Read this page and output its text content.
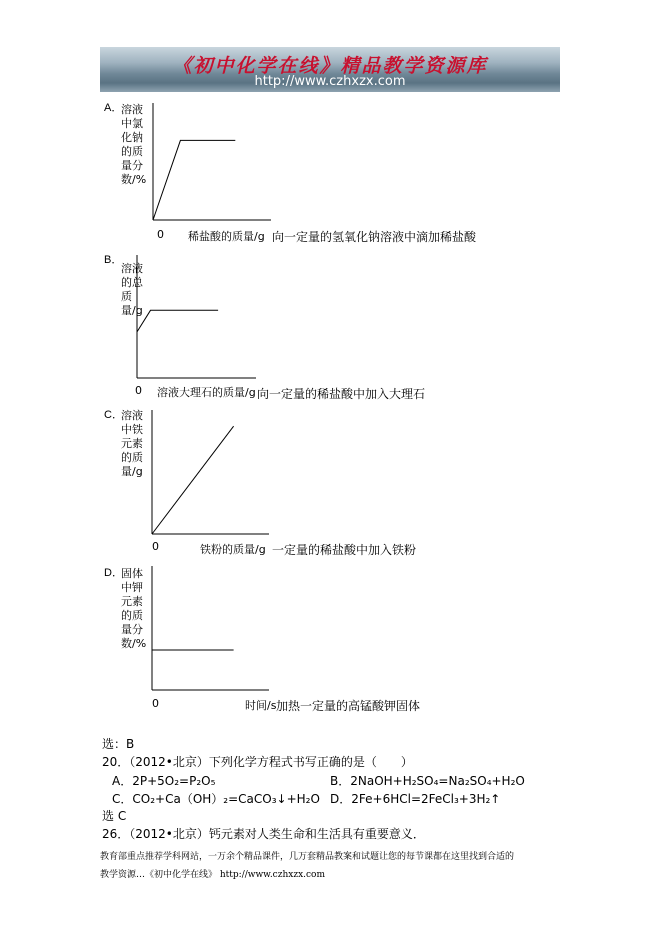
《初中化学在线》精品教学资源库
http://www.czhxzx.com
A．
溶液中氯化钠的质量分数/%
0 稀盐酸的质量/g 向一定量的氢氧化钠溶液中滴加稀盐酸
B．
溶液的总质量/g
0 溶液大理石的质量/g 向一定量的稀盐酸中加入大理石
C．
溶液中铁元素的质量/g
0	铁粉的质量/g 一定量的稀盐酸中加入铁粉
D．
固体中钾元素的质量分数/%
0	时间/s 加热一定量的高锰酸钾固体
选：B
20．（2012•北京）下列化学方程式书写正确的是（　　）
A．2P+5O₂=P₂O₅	B．2NaOH+H₂SO₄=Na₂SO₄+H₂O
C．CO₂+Ca（OH）₂=CaCO₃↓+H₂O D．2Fe+6HCl=2FeCl₃+3H₂↑
选 C
26．（2012•北京）钙元素对人类生命和生活具有重要意义．
教育部重点推荐学科网站，一万余个精品课件，几万套精品教案和试题让您的每节课都在这里找到合适的
教学资源…《初中化学在线》 http://www.czhxzx.com
